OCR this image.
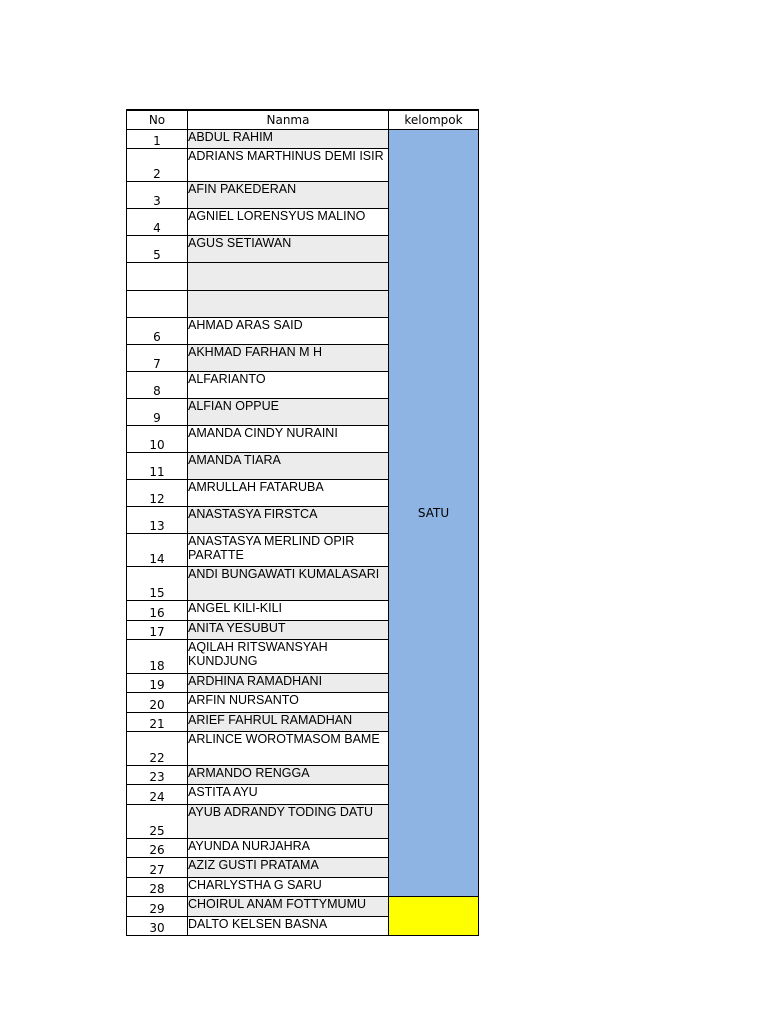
No	Nanma	kelompok
1	ABDUL RAHIM	SATU
2	ADRIANS MARTHINUS DEMI ISIR	
3	AFIN PAKEDERAN	
4	AGNIEL LORENSYUS MALINO	
5	AGUS SETIAWAN	

6	AHMAD ARAS SAID	
7	AKHMAD FARHAN M H	
8	ALFARIANTO	
9	ALFIAN OPPUE	
10	AMANDA CINDY NURAINI	
11	AMANDA TIARA	
12	AMRULLAH FATARUBA	
13	ANASTASYA FIRSTCA	
14	ANASTASYA MERLIND OPIR PARATTE	
15	ANDI BUNGAWATI KUMALASARI	
16	ANGEL KILI-KILI	
17	ANITA YESUBUT	
18	AQILAH RITSWANSYAH KUNDJUNG	
19	ARDHINA RAMADHANI	
20	ARFIN NURSANTO	
21	ARIEF FAHRUL RAMADHAN	
22	ARLINCE WOROTMASOM BAME	
23	ARMANDO RENGGA	
24	ASTITA AYU	
25	AYUB ADRANDY TODING DATU	
26	AYUNDA NURJAHRA	
27	AZIZ GUSTI PRATAMA	
28	CHARLYSTHA G SARU	
29	CHOIRUL ANAM FOTTYMUMU	
30	DALTO KELSEN BASNA	
